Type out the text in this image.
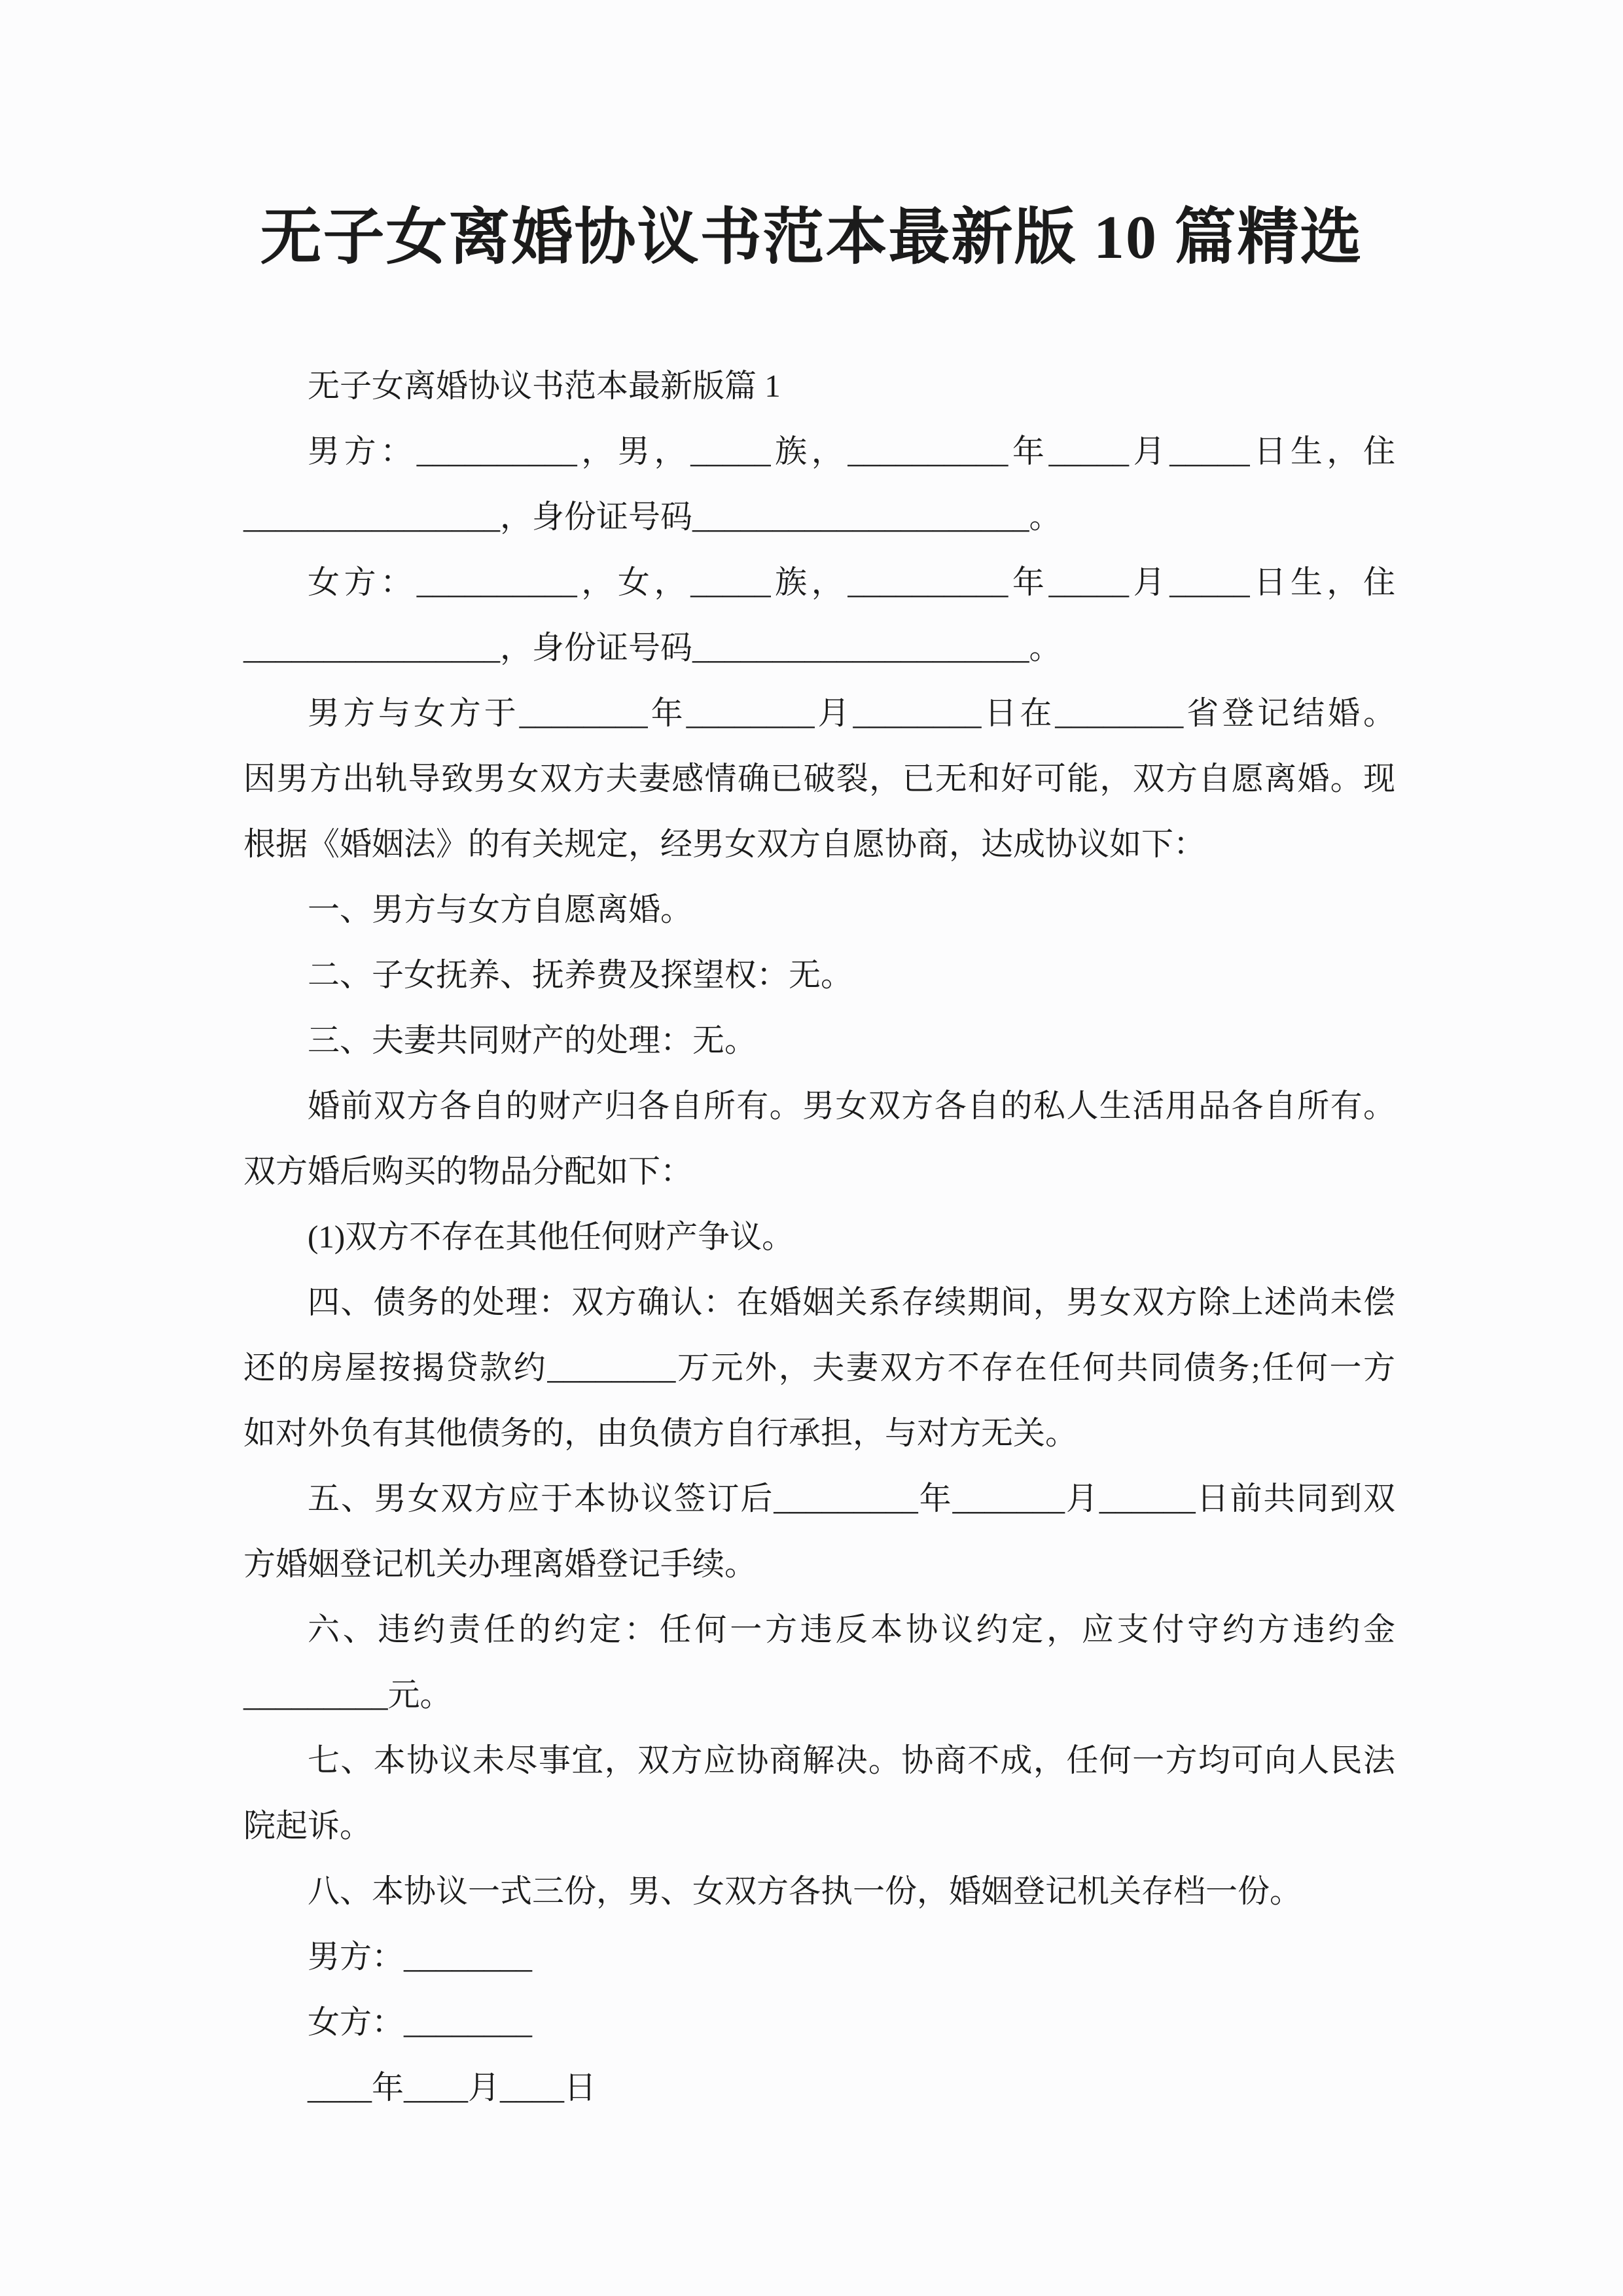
无子女离婚协议书范本最新版 10 篇精选
无子女离婚协议书范本最新版篇 1
男方：__________，男，_____族，__________年_____月_____日生，住
________________，身份证号码_____________________。
女方：__________，女，_____族，__________年_____月_____日生，住
________________，身份证号码_____________________。
男方与女方于________年________月________日在________省登记结婚。
因男方出轨导致男女双方夫妻感情确已破裂，已无和好可能，双方自愿离婚。现
根据《婚姻法》的有关规定，经男女双方自愿协商，达成协议如下：
一、男方与女方自愿离婚。
二、子女抚养、抚养费及探望权：无。
三、夫妻共同财产的处理：无。
婚前双方各自的财产归各自所有。男女双方各自的私人生活用品各自所有。
双方婚后购买的物品分配如下：
(1)双方不存在其他任何财产争议。
四、债务的处理：双方确认：在婚姻关系存续期间，男女双方除上述尚未偿
还的房屋按揭贷款约________万元外，夫妻双方不存在任何共同债务;任何一方
如对外负有其他债务的，由负债方自行承担，与对方无关。
五、男女双方应于本协议签订后_________年_______月______日前共同到双
方婚姻登记机关办理离婚登记手续。
六、违约责任的约定：任何一方违反本协议约定，应支付守约方违约金
_________元。
七、本协议未尽事宜，双方应协商解决。协商不成，任何一方均可向人民法
院起诉。
八、本协议一式三份，男、女双方各执一份，婚姻登记机关存档一份。
男方：________
女方：________
____年____月____日
